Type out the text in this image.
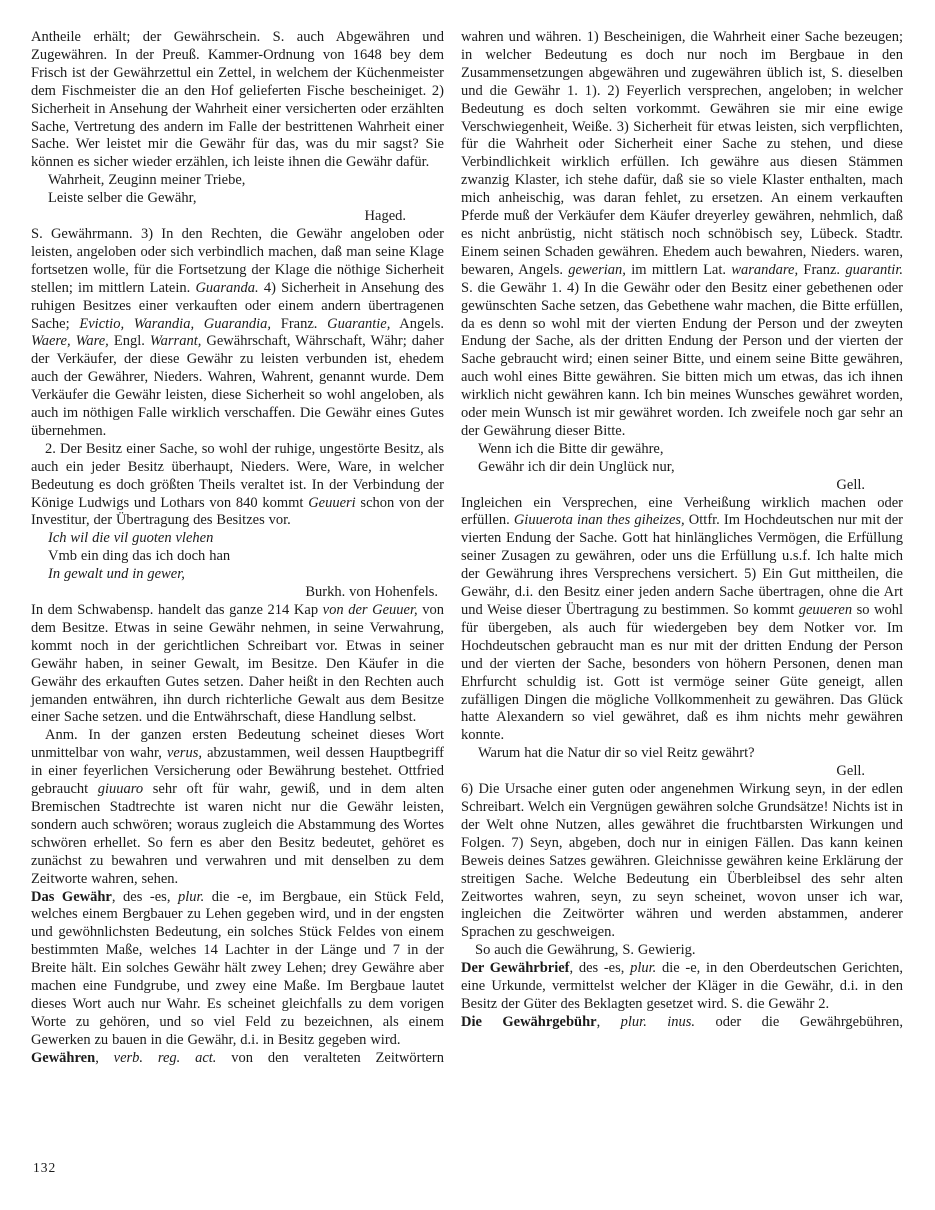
Antheile erhält; der Gewährschein. S. auch Abgewähren und Zugewähren. In der Preuß. Kammer-Ordnung von 1648 bey dem Frisch ist der Gewährzettul ein Zettel, in welchem der Küchenmeister dem Fischmeister die an den Hof gelieferten Fische bescheiniget. 2) Sicherheit in Ansehung der Wahrheit einer versicherten oder erzählten Sache, Vertretung des andern im Falle der bestrittenen Wahrheit einer Sache. Wer leistet mir die Gewähr für das, was du mir sagst? Sie können es sicher wieder erzählen, ich leiste ihnen die Gewähr dafür.

Wahrheit, Zeuginn meiner Triebe,

Leiste selber die Gewähr,

Haged.

S. Gewährmann. 3) In den Rechten, die Gewähr angeloben oder leisten, angeloben oder sich verbindlich machen, daß man seine Klage fortsetzen wolle, für die Fortsetzung der Klage die nöthige Sicherheit stellen; im mittlern Latein. Guaranda. 4) Sicherheit in Ansehung des ruhigen Besitzes einer verkauften oder einem andern übertragenen Sache; Evictio, Warandia, Guarandia, Franz. Guarantie, Angels. Waere, Ware, Engl. Warrant, Gewährschaft, Währschaft, Währ; daher der Verkäufer, der diese Gewähr zu leisten verbunden ist, ehedem auch der Gewährer, Nieders. Wahren, Wahrent, genannt wurde. Dem Verkäufer die Gewähr leisten, diese Sicherheit so wohl angeloben, als auch im nöthigen Falle wirklich verschaffen. Die Gewähr eines Gutes übernehmen.

2. Der Besitz einer Sache, so wohl der ruhige, ungestörte Besitz, als auch ein jeder Besitz überhaupt, Nieders. Were, Ware, in welcher Bedeutung es doch größten Theils veraltet ist. In der Verbindung der Könige Ludwigs und Lothars von 840 kommt Geuueri schon von der Investitur, der Übertragung des Besitzes vor.

Ich wil die vil guoten vlehen

Vmb ein ding das ich doch han

In gewalt und in gewer,

Burkh. von Hohenfels.

In dem Schwabensp. handelt das ganze 214 Kap von der Geuuer, von dem Besitze. Etwas in seine Gewähr nehmen, in seine Verwahrung, kommt noch in der gerichtlichen Schreibart vor. Etwas in seiner Gewähr haben, in seiner Gewalt, im Besitze. Den Käufer in die Gewähr des erkauften Gutes setzen. Daher heißt in den Rechten auch jemanden entwähren, ihn durch richterliche Gewalt aus dem Besitze einer Sache setzen. und die Entwährschaft, diese Handlung selbst.

Anm. In der ganzen ersten Bedeutung scheinet dieses Wort unmittelbar von wahr, verus, abzustammen, weil dessen Hauptbegriff in einer feyerlichen Versicherung oder Bewährung bestehet. Ottfried gebraucht giuuaro sehr oft für wahr, gewiß, und in dem alten Bremischen Stadtrechte ist waren nicht nur die Gewähr leisten, sondern auch schwören; woraus zugleich die Abstammung des Wortes schwören erhellet. So fern es aber den Besitz bedeutet, gehöret es zunächst zu bewahren und verwahren und mit denselben zu dem Zeitworte wahren, sehen.

Das Gewähr, des -es, plur. die -e, im Bergbaue, ein Stück Feld, welches einem Bergbauer zu Lehen gegeben wird, und in der engsten und gewöhnlichsten Bedeutung, ein solches Stück Feldes von einem bestimmten Maße, welches 14 Lachter in der Länge und 7 in der Breite hält. Ein solches Gewähr hält zwey Lehen; drey Gewähre aber machen eine Fundgrube, und zwey eine Maße. Im Bergbaue lautet dieses Wort auch nur Wahr. Es scheinet gleichfalls zu dem vorigen Worte zu gehören, und so viel Feld zu bezeichnen, als einem Gewerken zu bauen in die Gewähr, d.i. in Besitz gegeben wird.

Gewähren, verb. reg. act. von den veralteten Zeitwörtern

wahren und währen. 1) Bescheinigen, die Wahrheit einer Sache bezeugen; in welcher Bedeutung es doch nur noch im Bergbaue in den Zusammensetzungen abgewähren und zugewähren üblich ist, S. dieselben und die Gewähr 1. 1). 2) Feyerlich versprechen, angeloben; in welcher Bedeutung es doch selten vorkommt. Gewähren sie mir eine ewige Verschwiegenheit, Weiße. 3) Sicherheit für etwas leisten, sich verpflichten, für die Wahrheit oder Sicherheit einer Sache zu stehen, und diese Verbindlichkeit wirklich erfüllen. Ich gewähre aus diesen Stämmen zwanzig Klaster, ich stehe dafür, daß sie so viele Klaster enthalten, mach mich anheischig, was daran fehlet, zu ersetzen. An einem verkauften Pferde muß der Verkäufer dem Käufer dreyerley gewähren, nehmlich, daß es nicht anbrüstig, nicht stätisch noch schnöbisch sey, Lübeck. Stadtr. Einem seinen Schaden gewähren. Ehedem auch bewahren, Nieders. waren, bewaren, Angels. gewerian, im mittlern Lat. warandare, Franz. guarantir. S. die Gewähr 1. 4) In die Gewähr oder den Besitz einer gebethenen oder gewünschten Sache setzen, das Gebethene wahr machen, die Bitte erfüllen, da es denn so wohl mit der vierten Endung der Person und der zweyten Endung der Sache, als der dritten Endung der Person und der vierten der Sache gebraucht wird; einen seiner Bitte, und einem seine Bitte gewähren, auch wohl eines Bitte gewähren. Sie bitten mich um etwas, das ich ihnen wirklich nicht gewähren kann. Ich bin meines Wunsches gewähret worden, oder mein Wunsch ist mir gewähret worden. Ich zweifele noch gar sehr an der Gewährung dieser Bitte.

Wenn ich die Bitte dir gewähre,

Gewähr ich dir dein Unglück nur,

Gell.

Ingleichen ein Versprechen, eine Verheißung wirklich machen oder erfüllen. Giuuerota inan thes giheizes, Ottfr. Im Hochdeutschen nur mit der vierten Endung der Sache. Gott hat hinlängliches Vermögen, die Erfüllung seiner Zusagen zu gewähren, oder uns die Erfüllung u.s.f. Ich halte mich der Gewährung ihres Versprechens versichert. 5) Ein Gut mittheilen, die Gewähr, d.i. den Besitz einer jeden andern Sache übertragen, ohne die Art und Weise dieser Übertragung zu bestimmen. So kommt geuueren so wohl für übergeben, als auch für wiedergeben bey dem Notker vor. Im Hochdeutschen gebraucht man es nur mit der dritten Endung der Person und der vierten der Sache, besonders von höhern Personen, denen man Ehrfurcht schuldig ist. Gott ist vermöge seiner Güte geneigt, allen zufälligen Dingen die mögliche Vollkommenheit zu gewähren. Das Glück hatte Alexandern so viel gewähret, daß es ihm nichts mehr gewähren konnte.

Warum hat die Natur dir so viel Reitz gewährt?

Gell.

6) Die Ursache einer guten oder angenehmen Wirkung seyn, in der edlen Schreibart. Welch ein Vergnügen gewähren solche Grundsätze! Nichts ist in der Welt ohne Nutzen, alles gewähret die fruchtbarsten Wirkungen und Folgen. 7) Seyn, abgeben, doch nur in einigen Fällen. Das kann keinen Beweis deines Satzes gewähren. Gleichnisse gewähren keine Erklärung der streitigen Sache. Welche Bedeutung ein Überbleibsel des sehr alten Zeitwortes wahren, seyn, zu seyn scheinet, wovon unser ich war, ingleichen die Zeitwörter währen und werden abstammen, anderer Sprachen zu geschweigen.

So auch die Gewährung, S. Gewierig.

Der Gewährbrief, des -es, plur. die -e, in den Oberdeutschen Gerichten, eine Urkunde, vermittelst welcher der Kläger in die Gewähr, d.i. in den Besitz der Güter des Beklagten gesetzet wird. S. die Gewähr 2.

Die Gewährgebühr, plur. inus. oder die Gewährgebühren,

132
